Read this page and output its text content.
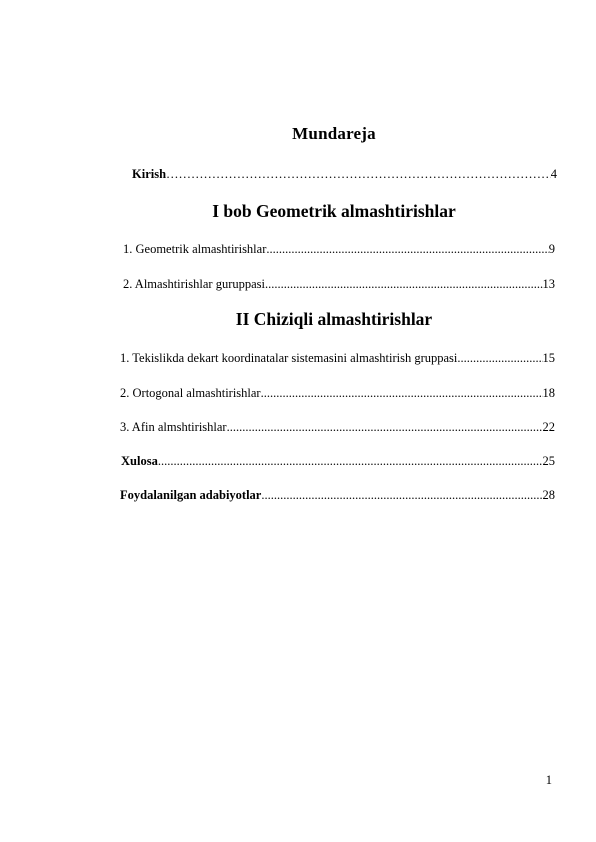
Mundareja
Kirish ……………………………………………………………………………………………………………………………………………………………	4
I bob Geometrik almashtirishlar
1. Geometrik almashtirishlar .....	9
2. Almashtirishlar guruppasi .....	13
II Chiziqli almashtirishlar
1. Tekislikda dekart koordinatalar sistemasini almashtirish gruppasi .....	15
2. Ortogonal almashtirishlar .....	18
3. Afin almshtirishlar .....	22
Xulosa .....	25
Foydalanilgan adabiyotlar .....	28
1
